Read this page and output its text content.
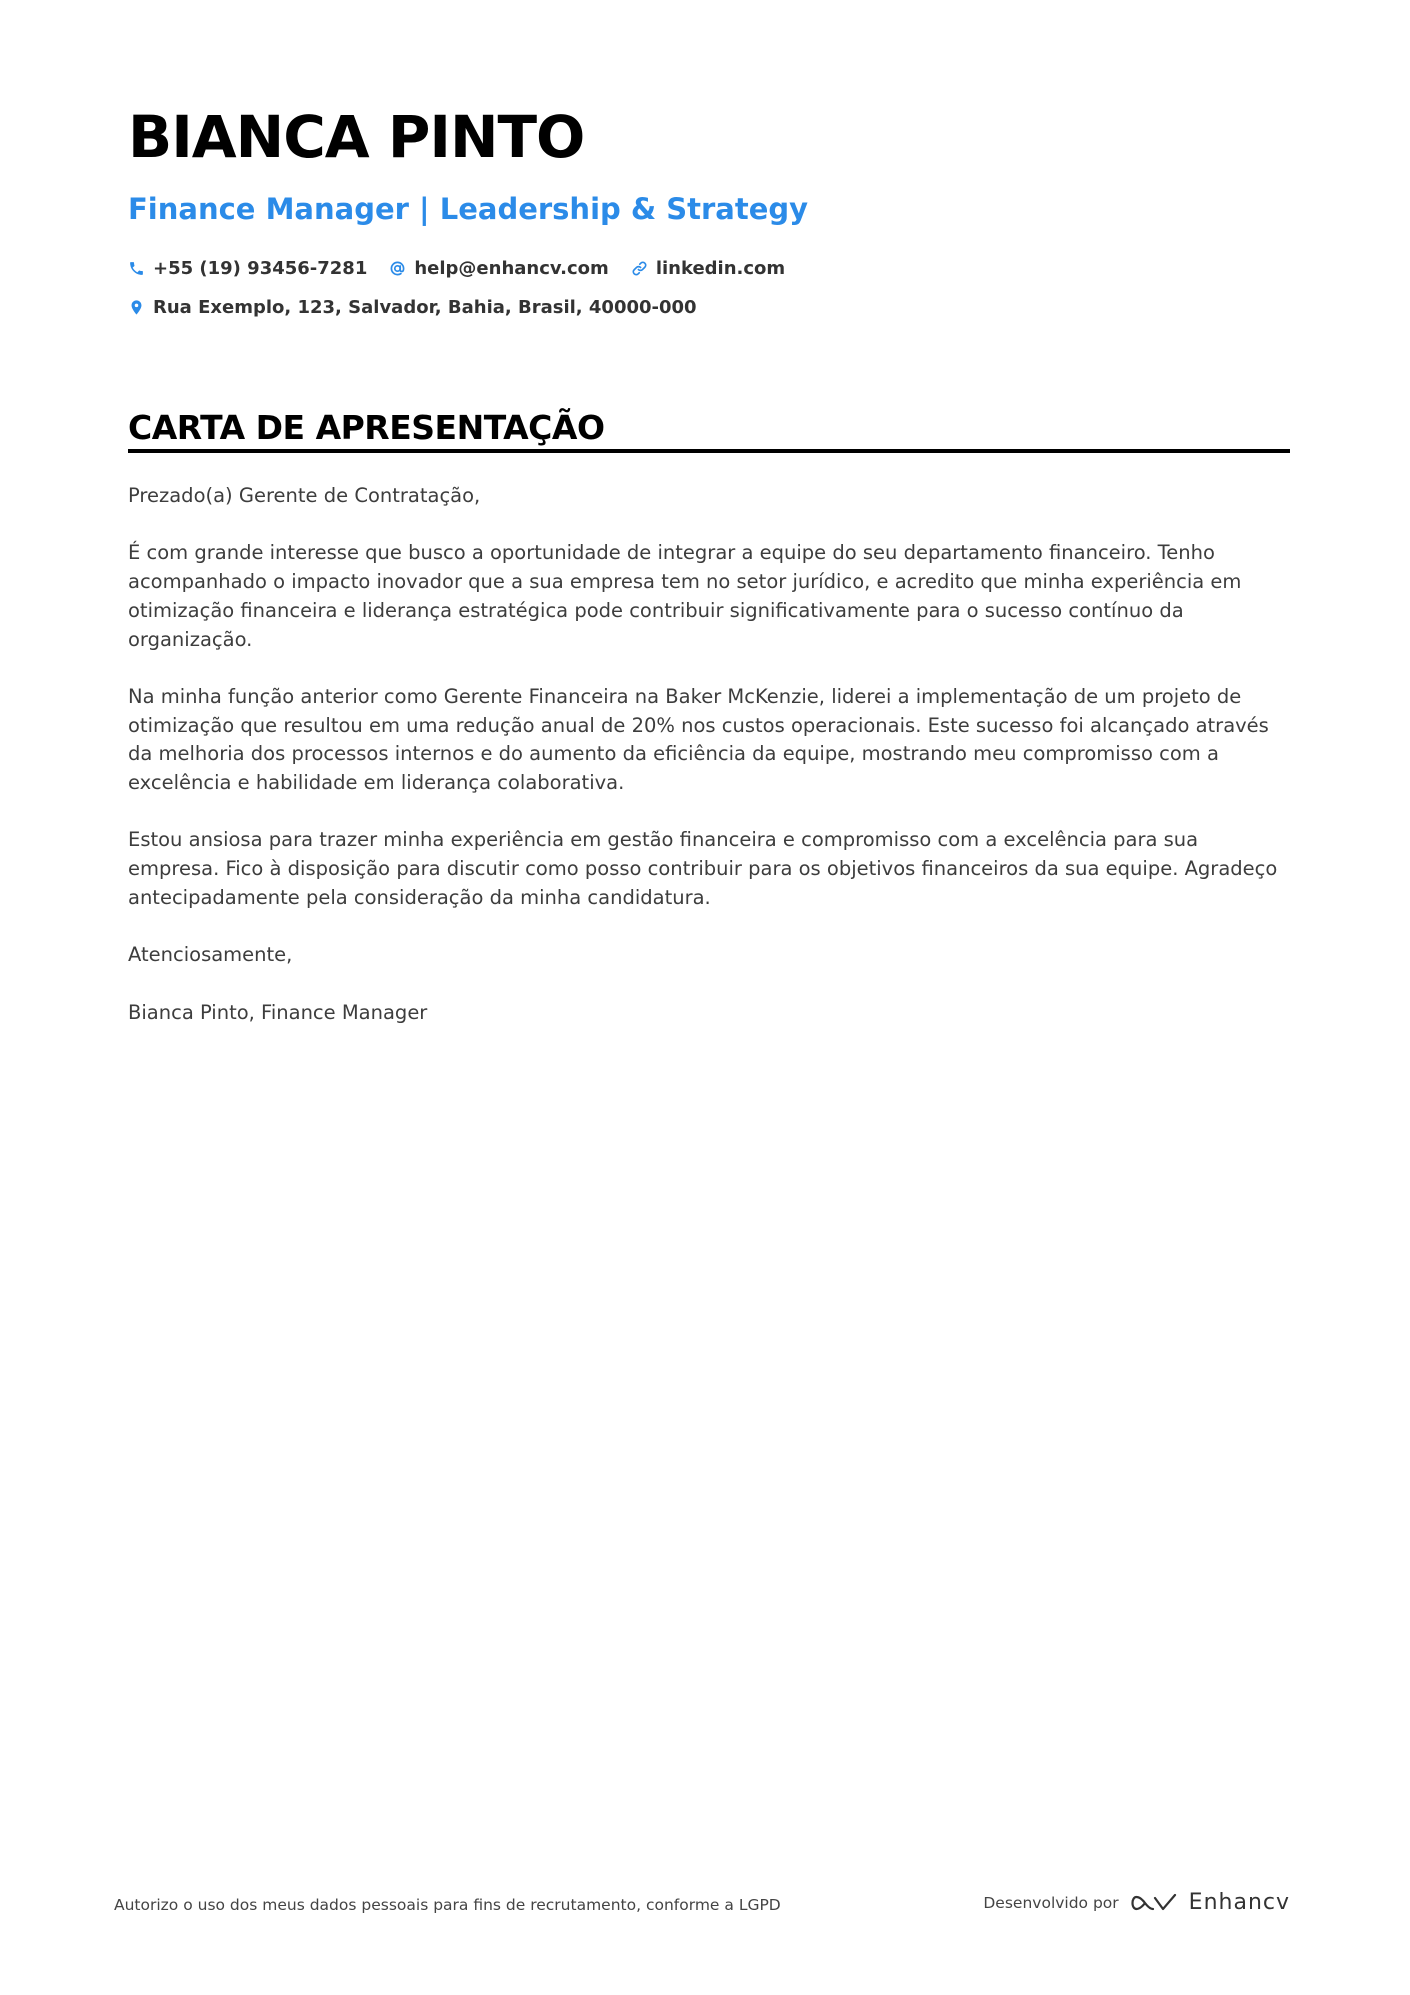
BIANCA PINTO
Finance Manager | Leadership & Strategy
+55 (19) 93456-7281	help@enhancv.com	linkedin.com
Rua Exemplo, 123, Salvador, Bahia, Brasil, 40000-000
CARTA DE APRESENTAÇÃO

Prezado(a) Gerente de Contratação,

É com grande interesse que busco a oportunidade de integrar a equipe do seu departamento financeiro. Tenho acompanhado o impacto inovador que a sua empresa tem no setor jurídico, e acredito que minha experiência em otimização financeira e liderança estratégica pode contribuir significativamente para o sucesso contínuo da organização.

Na minha função anterior como Gerente Financeira na Baker McKenzie, liderei a implementação de um projeto de otimização que resultou em uma redução anual de 20% nos custos operacionais. Este sucesso foi alcançado através da melhoria dos processos internos e do aumento da eficiência da equipe, mostrando meu compromisso com a excelência e habilidade em liderança colaborativa.

Estou ansiosa para trazer minha experiência em gestão financeira e compromisso com a excelência para sua empresa. Fico à disposição para discutir como posso contribuir para os objetivos financeiros da sua equipe. Agradeço antecipadamente pela consideração da minha candidatura.

Atenciosamente,

Bianca Pinto, Finance Manager

Autorizo o uso dos meus dados pessoais para fins de recrutamento, conforme a LGPD	Desenvolvido por	Enhancv
